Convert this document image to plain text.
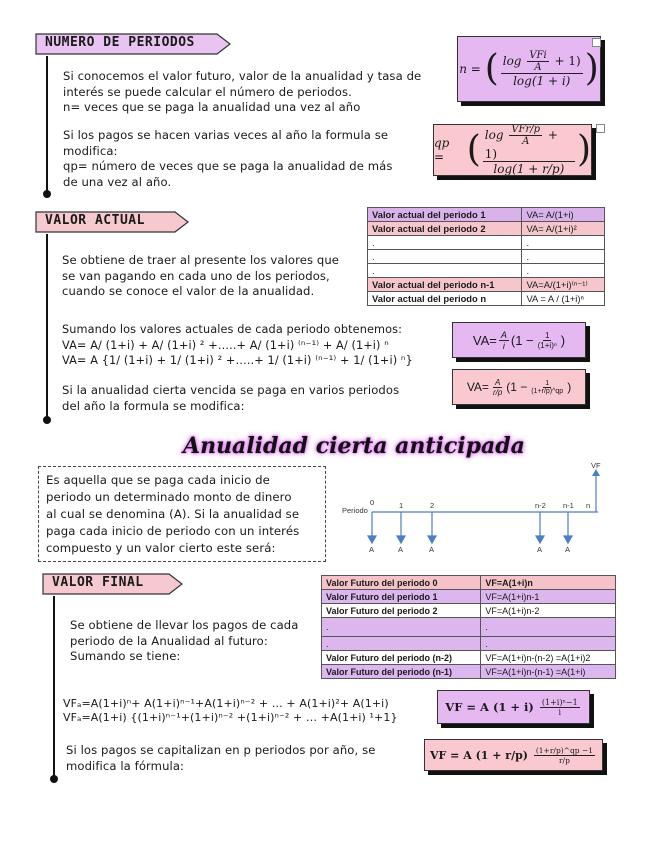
NUMERO DE PERIODOS
Si conocemos el valor futuro, valor de la anualidad y tasa de
interés se puede calcular el número de periodos.
n= veces que se paga la anualidad una vez al año
Si los pagos se hacen varias veces al año la formula se
modifica:
qp= número de veces que se paga la anualidad de más
de una vez al año.
n =
( $\frac{\log \frac{\text{VFi}}{A} + 1)}{\log(1 + i)}$ )
qp =
( $\frac{\log \frac{\text{VFr/p}}{A} + 1)}{\log(1 + r/p)}$ )
VALOR ACTUAL
Se obtiene de traer al presente los valores que
se van pagando en cada uno de los periodos,
cuando se conoce el valor de la anualidad.
Valor actual del periodo 1	VA= A/(1+i)
Valor actual del periodo 2	VA= A/(1+i)²
.	.
.	.
.	.
Valor actual del periodo n-1	VA=A/(1+i)⁽ⁿ⁻¹⁾
Valor actual del periodo n	VA = A / (1+i)ⁿ
Sumando los valores actuales de cada periodo obtenemos:
VA= A/ (1+i) + A/ (1+i) ² +…..+ A/ (1+i) ⁽ⁿ⁻¹⁾ + A/ (1+i) ⁿ
VA= A {1/ (1+i) + 1/ (1+i) ² +…..+ 1/ (1+i) ⁽ⁿ⁻¹⁾ + 1/ (1+i) ⁿ}
Si la anualidad cierta vencida se paga en varios periodos
del año la formula se modifica:
$VA= \frac{A}{i} (1 - \frac{1}{\text{(1+i)ⁿ}}$ )
$VA= \frac{A}{r/p} (1 - \frac{1}{(1+r/p)\^{}qp}$ )
Anualidad cierta anticipada
Es aquella que se paga cada inicio de
periodo un determinado monto de dinero
al cual se denomina (A). Si la anualidad se
paga cada inicio de periodo con un interés
compuesto y un valor cierto este será:
VF
Periodo
0	1	2	n-2 n-1 n
A	A	A	A	A
VALOR FINAL	Valor Futuro del periodo 0	VF=A(1+i)n
Valor Futuro del periodo 1	VF=A(1+i)n-1
Valor Futuro del periodo 2	VF=A(1+i)n-2
.	.
.	.
Valor Futuro del periodo (n-2)	VF=A(1+i)n-(n-2) =A(1+i)2
Valor Futuro del periodo (n-1)	VF=A(1+i)n-(n-1) =A(1+i)
Se obtiene de llevar los pagos de cada
periodo de la Anualidad al futuro:
Sumando se tiene:
VFₐ=A(1+i)ⁿ+ A(1+i)ⁿ⁻¹+A(1+i)ⁿ⁻² + … + A(1+i)²+ A(1+i)
VFₐ=A(1+i) {(1+i)ⁿ⁻¹+(1+i)ⁿ⁻² +(1+i)ⁿ⁻² + … +A(1+i) ¹+1}
Si los pagos se capitalizan en p periodos por año, se
modifica la fórmula:
VF = A (1 + i)
$\frac{\text{(1+i)ⁿ−1}}{i}$
VF = A (1 + r/p)
$\frac{(1+r/p)\^{}qp -1}{r/p}$
